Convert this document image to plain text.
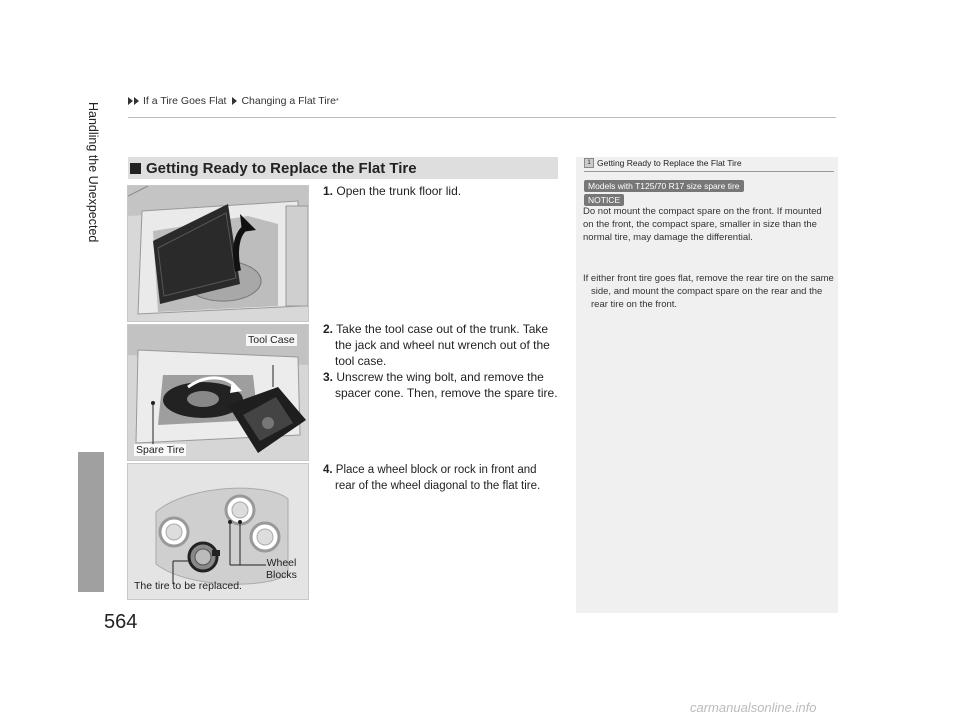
If a Tire Goes Flat Changing a Flat Tire *
Handling the Unexpected
564
Getting Ready to Replace the Flat Tire
Tool Case
Spare Tire
Wheel
Blocks
The tire to be replaced.
1. Open the trunk floor lid.
2. Take the tool case out of the trunk. Take the jack and wheel nut wrench out of the tool case.
3. Unscrew the wing bolt, and remove the spacer cone. Then, remove the spare tire.
4. Place a wheel block or rock in front and rear of the wheel diagonal to the flat tire.
1 Getting Ready to Replace the Flat Tire
Models with T125/70 R17 size spare tire
NOTICE
Do not mount the compact spare on the front. If mounted on the front, the compact spare, smaller in size than the normal tire, may damage the differential.
If either front tire goes flat, remove the rear tire on the same side, and mount the compact spare on the rear and the rear tire on the front.
carmanualsonline.info
